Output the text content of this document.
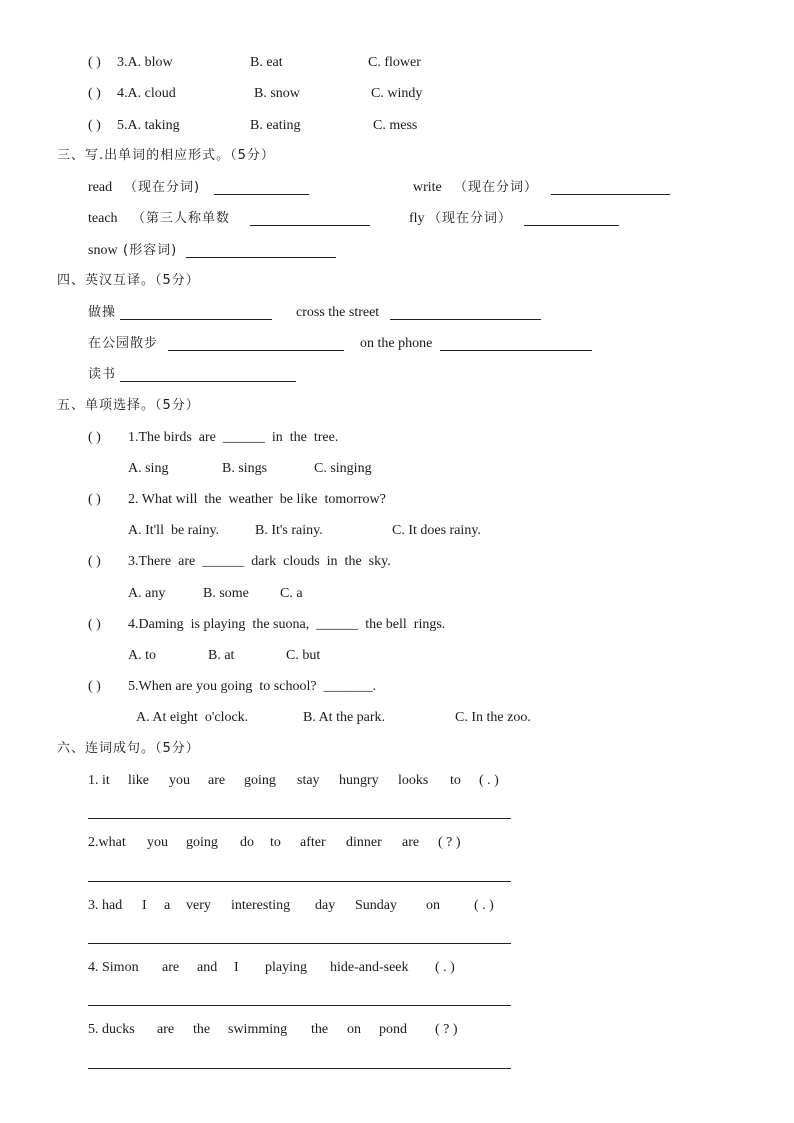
( ) 3.A. blow	B. eat	C. flower
( ) 4.A. cloud	B. snow	C. windy
( ) 5.A. taking	B. eating	C. mess
三、写.出单词的相应形式。（5分）
read （现在分词)	write （现在分词）
teach （第三人称单数	fly （现在分词）
snow (形容词)
四、英汉互译。（5分）
做操	cross the street
在公园散步	on the phone
读书
五、单项选择。（5分）
( ) 1.The birds  are  ______  in  the  tree.
A. sing	B. sings	C. singing
( ) 2. What will  the  weather  be like  tomorrow?
A. It'll  be rainy.	B. It's rainy.	C. It does rainy.
( ) 3.There  are  ______  dark  clouds  in  the  sky.
A. any	B. some C. a
( ) 4.Daming  is playing  the suona,  ______  the bell  rings.
A. to	B. at	C. but
( ) 5.When are you going  to school?  _______.
A. At eight  o'clock.	B. At the park.	C. In the zoo.
六、连词成句。（5分）
1. it like you are going stay hungry looks to ( . )
2.what you going do to after dinner are ( ? )
3. had I a very interesting day Sunday on ( . )
4. Simon are and I playing hide-and-seek ( . )
5. ducks are the swimming the on pond ( ? )
